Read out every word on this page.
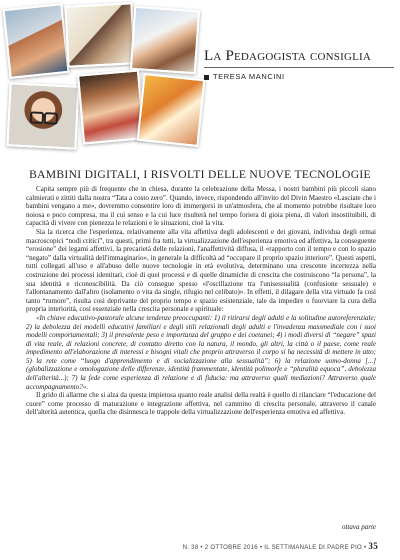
La Pedagogista consiglia
TERESA MANCINI
BAMBINI DIGITALI, I RISVOLTI DELLE NUOVE TECNOLOGIE

Capita sempre più di frequente che in chiesa, durante la celebrazione della Messa, i nostri bambini più piccoli siano calmierati e zittiti dalla nostra “Tata a costo zero”. Quando, invece, rispondendo all'invito del Divin Maestro «Lasciate che i bambini vengano a me», dovremmo consentire loro di immergersi in un'atmosfera, che al momento potrebbe risultare loro noiosa e poco compresa, ma il cui senso e la cui luce risulterà nel tempo foriera di gioia piena, di valori insostituibili, di capacità di vivere con pienezza le relazioni e le situazioni, cioè la vita.

Sia la ricerca che l'esperienza, relativamente alla vita affettiva degli adolescenti e dei giovani, individua degli ormai macroscopici “nodi critici”, tra questi, primi fra tutti, la virtualizzazione dell'esperienza emotiva ed affettiva, la conseguente “erosione” dei legami affettivi, la precarietà delle relazioni, l'anaffettività diffusa, il «rapporto con il tempo e con lo spazio “negato” dalla virtualità dell'immaginario», in generale la difficoltà ad “occupare il proprio spazio interiore”. Questi aspetti, tutti collegati all'uso e all'abuso delle nuove tecnologie in età evolutiva, determinano una crescente incertezza nella costruzione dei processi identitari, cioè di quei processi e di quelle dinamiche di crescita che costruiscono “la persona”, la sua identità e riconoscibilità. Da ciò consegue spesso «l'oscillazione tra l'unisessualità (confusione sessuale) e l'allontanamento dall'altro (isolamento o vita da single, rifugio nel celibato)». In effetti, il dilagare della vita virtuale fa così tanto “rumore”, risulta così deprivante del proprio tempo e spazio esistenziale, tale da impedire o fuorviare la cura della propria interiorità, così essenziale nella crescita personale e spirituale:

«In chiave educativo-pastorale alcune tendenze preoccupanti: 1) il ritirarsi degli adulti e la solitudine autoreferenziale; 2) la debolezza dei modelli educativi familiari e degli stili relazionali degli adulti e l'invadenza massmediale con i suoi modelli comportamentali; 3) il prevalente peso e importanza del gruppo e dei coetanei; 4) i modi diversi di “negare” spazi di vita reale, di relazioni concrete, di contatto diretto con la natura, il mondo, gli altri, la città o il paese, come reale impedimento all'elaborazione di interessi e bisogni vitali che proprio attraverso il corpo si ha necessità di mettere in atto; 5) la rete come “luogo d'apprendimento e di socializzazione alla sessualità”; 6) la relazione uomo-donna [...] (globalizzazione e omologazione delle differenze, identità frammentate, identità polimorfe e “pluralità equoca”, debolezza dell'alterità...); 7) la fede come esperienza di relazione e di fiducia: ma attraverso quali mediazioni? Attraverso quale accompagnamento?».

Il grido di allarme che si alza da questa impietosa quanto reale analisi della realtà è quello di rilanciare “l'educazione del cuore” come processo di maturazione e integrazione affettiva, nel cammino di crescita personale, attraverso il canale dell'alterità autentica, quella che disinnesca le trappole della virtualizzazione dell'esperienza emotiva ed affettiva.

ottava parte
N. 38 • 2 OTTOBRE 2016 • IL SETTIMANALE DI PADRE PIO • 35
